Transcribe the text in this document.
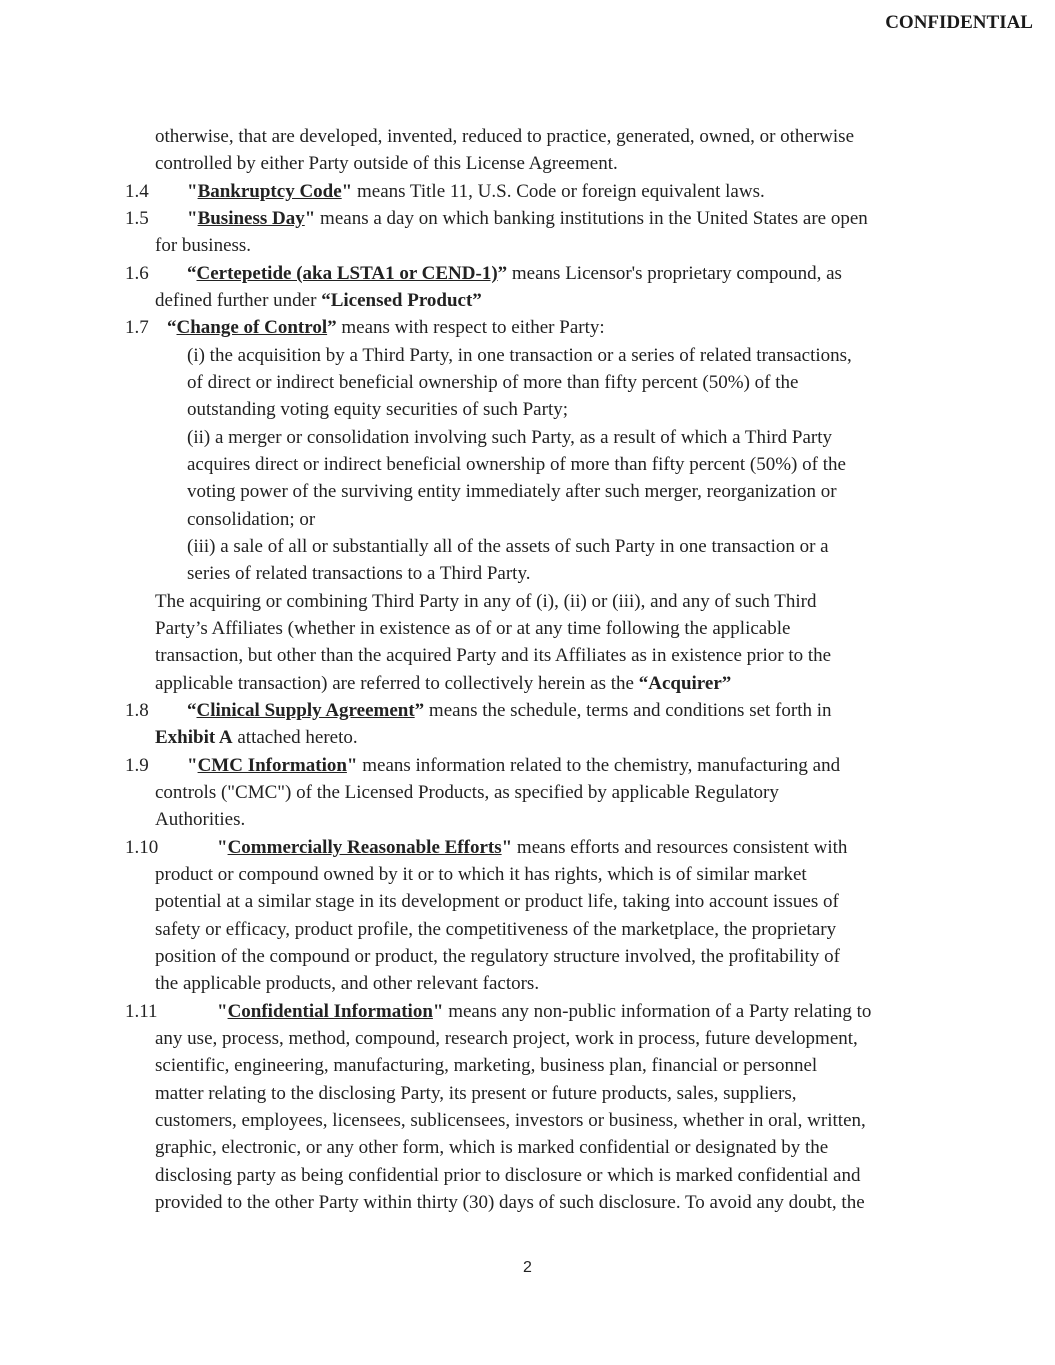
CONFIDENTIAL
otherwise, that are developed, invented, reduced to practice, generated, owned, or otherwise
controlled by either Party outside of this License Agreement.
1.4 "Bankruptcy Code" means Title 11, U.S. Code or foreign equivalent laws.
1.5 "Business Day" means a day on which banking institutions in the United States are open
for business.
1.6 “Certepetide (aka LSTA1 or CEND-1)” means Licensor's proprietary compound, as
defined further under “Licensed Product”
1.7 “Change of Control” means with respect to either Party:
(i) the acquisition by a Third Party, in one transaction or a series of related transactions,
of direct or indirect beneficial ownership of more than fifty percent (50%) of the
outstanding voting equity securities of such Party;
(ii) a merger or consolidation involving such Party, as a result of which a Third Party
acquires direct or indirect beneficial ownership of more than fifty percent (50%) of the
voting power of the surviving entity immediately after such merger, reorganization or
consolidation; or
(iii) a sale of all or substantially all of the assets of such Party in one transaction or a
series of related transactions to a Third Party.
The acquiring or combining Third Party in any of (i), (ii) or (iii), and any of such Third
Party’s Affiliates (whether in existence as of or at any time following the applicable
transaction, but other than the acquired Party and its Affiliates as in existence prior to the
applicable transaction) are referred to collectively herein as the “Acquirer”
1.8 “Clinical Supply Agreement” means the schedule, terms and conditions set forth in
Exhibit A attached hereto.
1.9 "CMC Information" means information related to the chemistry, manufacturing and
controls ("CMC") of the Licensed Products, as specified by applicable Regulatory
Authorities.
1.10	"Commercially Reasonable Efforts" means efforts and resources consistent with
product or compound owned by it or to which it has rights, which is of similar market
potential at a similar stage in its development or product life, taking into account issues of
safety or efficacy, product profile, the competitiveness of the marketplace, the proprietary
position of the compound or product, the regulatory structure involved, the profitability of
the applicable products, and other relevant factors.
1.11	"Confidential Information" means any non-public information of a Party relating to
any use, process, method, compound, research project, work in process, future development,
scientific, engineering, manufacturing, marketing, business plan, financial or personnel
matter relating to the disclosing Party, its present or future products, sales, suppliers,
customers, employees, licensees, sublicensees, investors or business, whether in oral, written,
graphic, electronic, or any other form, which is marked confidential or designated by the
disclosing party as being confidential prior to disclosure or which is marked confidential and
provided to the other Party within thirty (30) days of such disclosure. To avoid any doubt, the
2
